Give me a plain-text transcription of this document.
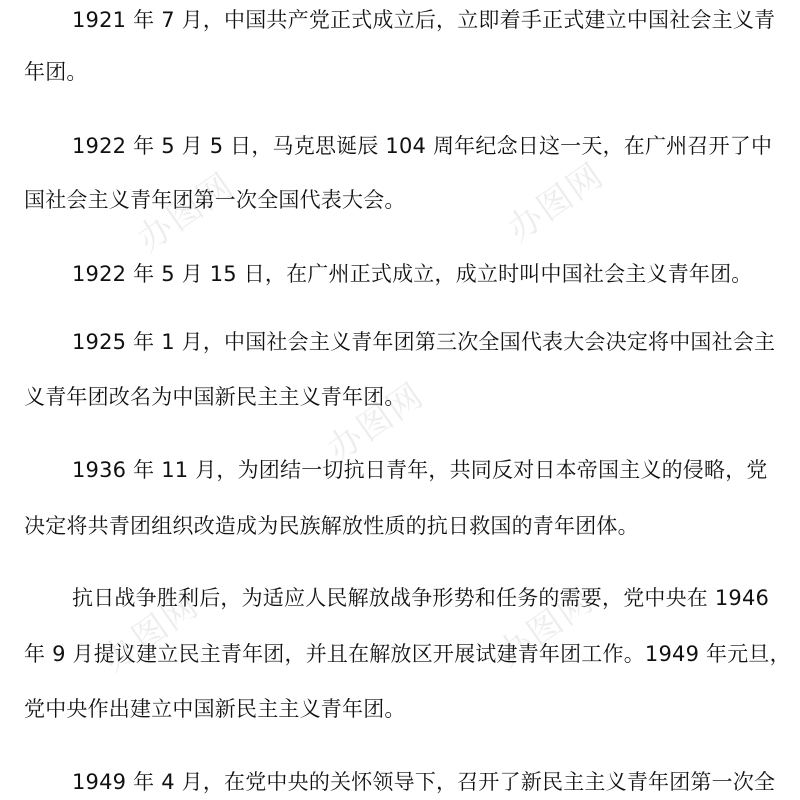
办图网	办图网
办图网
办图网	办图网
1921 年 7 月，中国共产党正式成立后，立即着手正式建立中国社会主义青
年团。
1922 年 5 月 5 日，马克思诞辰 104 周年纪念日这一天，在广州召开了中
国社会主义青年团第一次全国代表大会。
1922 年 5 月 15 日，在广州正式成立，成立时叫中国社会主义青年团。
1925 年 1 月，中国社会主义青年团第三次全国代表大会决定将中国社会主
义青年团改名为中国新民主主义青年团。
1936 年 11 月，为团结一切抗日青年，共同反对日本帝国主义的侵略，党
决定将共青团组织改造成为民族解放性质的抗日救国的青年团体。
抗日战争胜利后，为适应人民解放战争形势和任务的需要，党中央在 1946
年 9 月提议建立民主青年团，并且在解放区开展试建青年团工作。1949 年元旦，
党中央作出建立中国新民主主义青年团。
1949 年 4 月，在党中央的关怀领导下，召开了新民主主义青年团第一次全
